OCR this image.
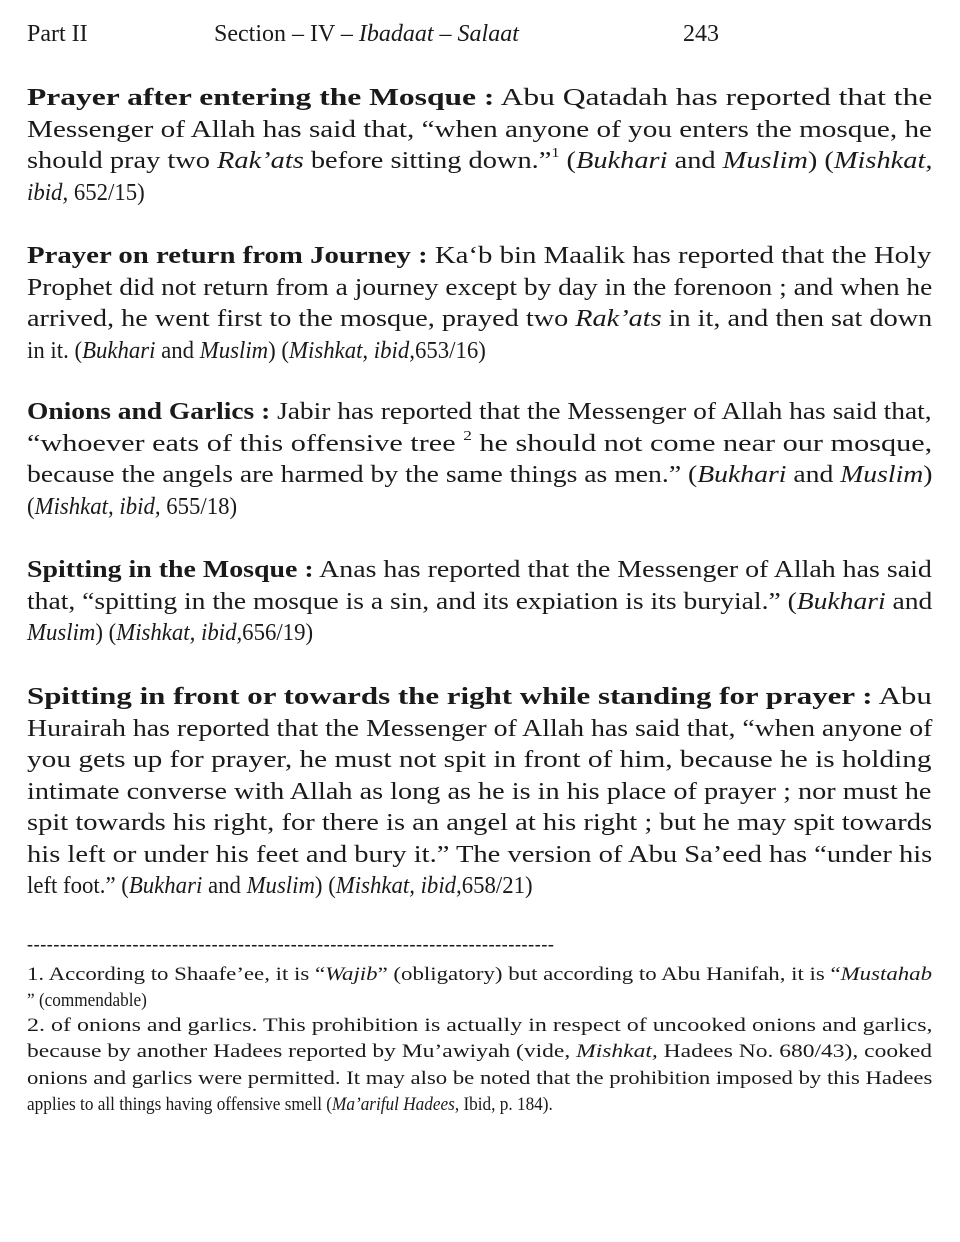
Part II	Section – IV – Ibadaat – Salaat	243
Prayer after entering the Mosque : Abu Qatadah has reported that the
Messenger of Allah has said that, “when anyone of you enters the mosque, he
should pray two Rak’ats before sitting down.”$^1$ (Bukhari and Muslim) (Mishkat,
ibid, 652/15)
Prayer on return from Journey : Ka‘b bin Maalik has reported that the Holy
Prophet did not return from a journey except by day in the forenoon ; and when he
arrived, he went first to the mosque, prayed two Rak’ats in it, and then sat down
in it. (Bukhari and Muslim) (Mishkat, ibid,653/16)
Onions and Garlics : Jabir has reported that the Messenger of Allah has said that,
“whoever eats of this offensive tree $^2$ he should not come near our mosque,
because the angels are harmed by the same things as men.” (Bukhari and Muslim)
(Mishkat, ibid, 655/18)
Spitting in the Mosque : Anas has reported that the Messenger of Allah has said
that, “spitting in the mosque is a sin, and its expiation is its buryial.” (Bukhari and
Muslim) (Mishkat, ibid,656/19)
Spitting in front or towards the right while standing for prayer : Abu
Hurairah has reported that the Messenger of Allah has said that, “when anyone of
you gets up for prayer, he must not spit in front of him, because he is holding
intimate converse with Allah as long as he is in his place of prayer ; nor must he
spit towards his right, for there is an angel at his right ; but he may spit towards
his left or under his feet and bury it.” The version of Abu Sa’eed has “under his
left foot.” (Bukhari and Muslim) (Mishkat, ibid,658/21)
--------------------------------------------------------------------------------
1. According to Shaafe’ee, it is “Wajib” (obligatory) but according to Abu Hanifah, it is “Mustahab
” (commendable)
2. of onions and garlics. This prohibition is actually in respect of uncooked onions and garlics,
because by another Hadees reported by Mu’awiyah (vide, Mishkat, Hadees No. 680/43), cooked
onions and garlics were permitted. It may also be noted that the prohibition imposed by this Hadees
applies to all things having offensive smell (Ma’ariful Hadees, Ibid, p. 184).
